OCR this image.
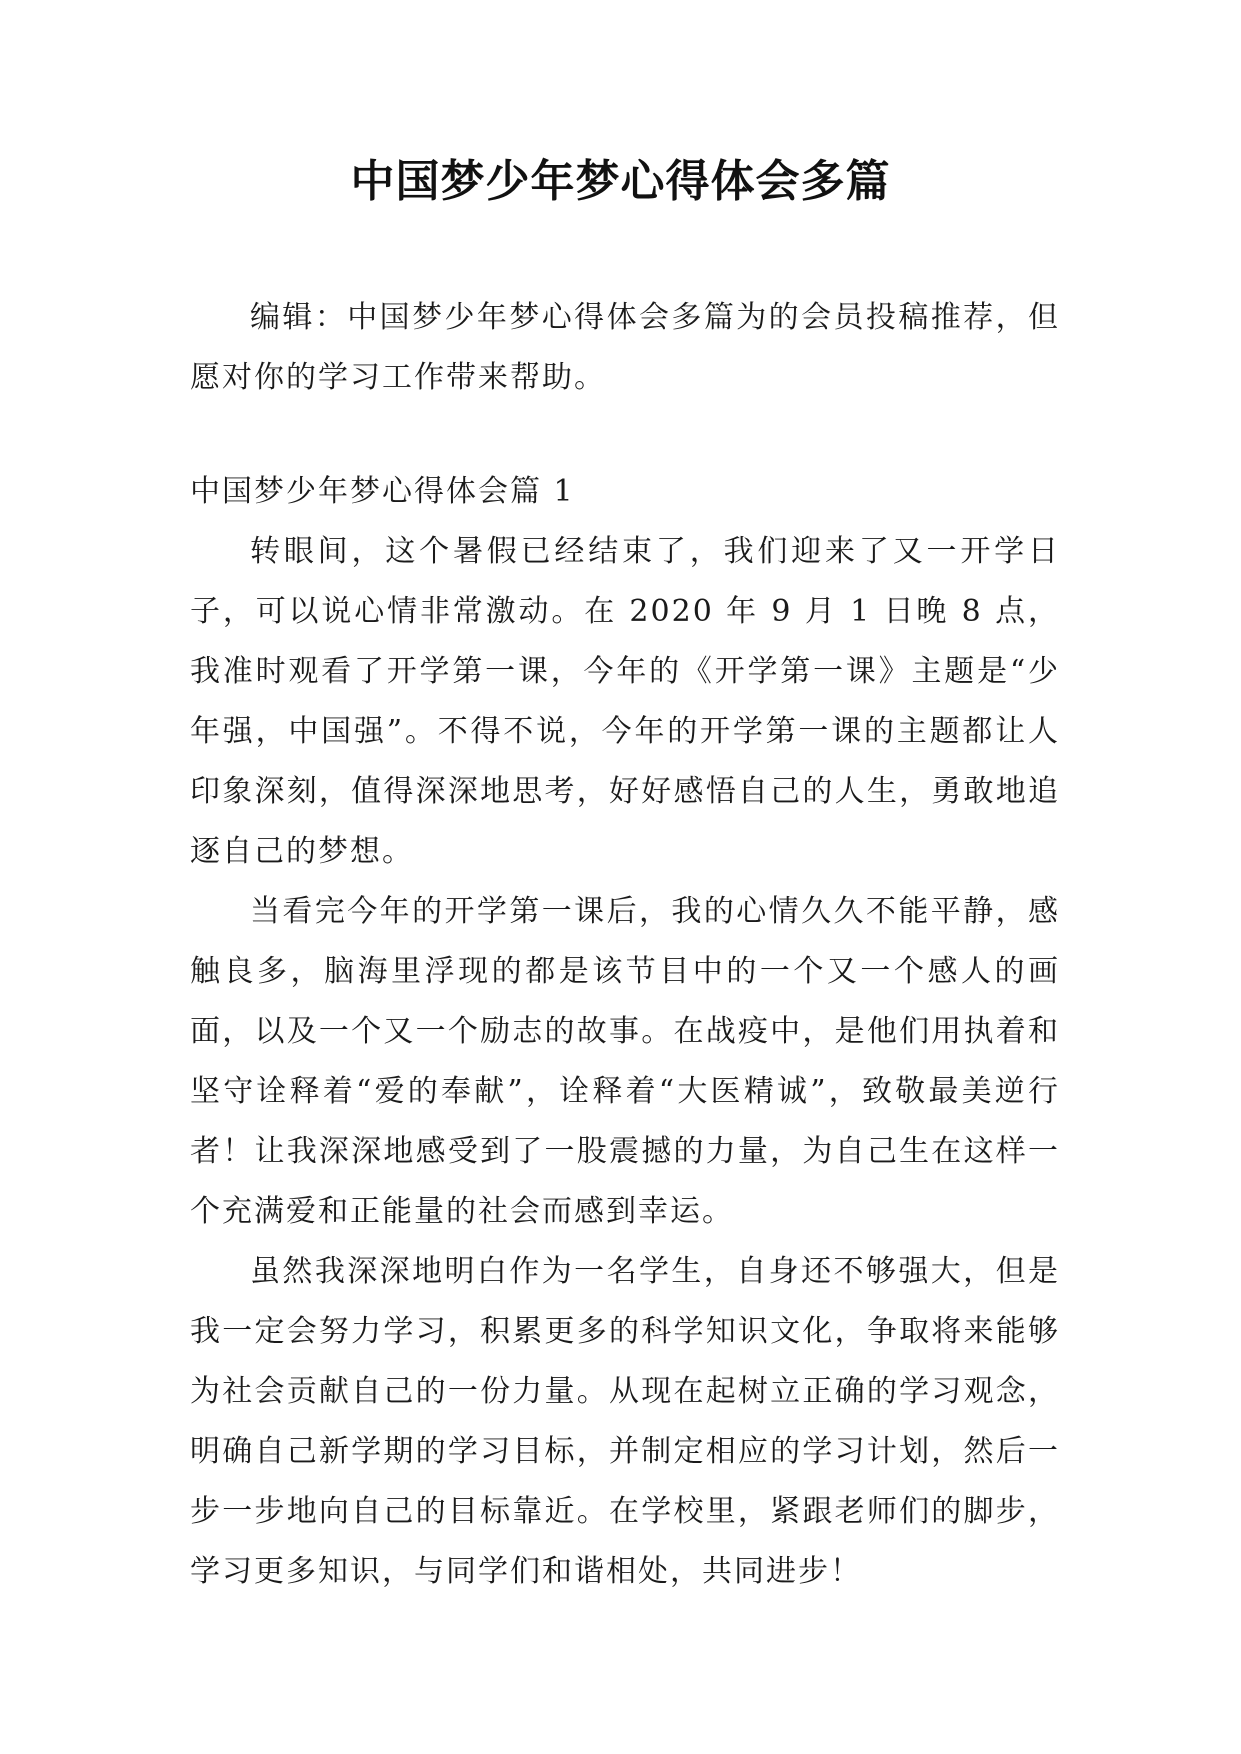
中国梦少年梦心得体会多篇

编辑：中国梦少年梦心得体会多篇为的会员投稿推荐，但愿对你的学习工作带来帮助。

中国梦少年梦心得体会篇 1

转眼间，这个暑假已经结束了，我们迎来了又一开学日子，可以说心情非常激动。在 2020 年 9 月 1 日晚 8 点，我准时观看了开学第一课，今年的《开学第一课》主题是“少年强，中国强”。不得不说，今年的开学第一课的主题都让人印象深刻，值得深深地思考，好好感悟自己的人生，勇敢地追逐自己的梦想。

当看完今年的开学第一课后，我的心情久久不能平静，感触良多，脑海里浮现的都是该节目中的一个又一个感人的画面，以及一个又一个励志的故事。在战疫中，是他们用执着和坚守诠释着“爱的奉献”，诠释着“大医精诚”，致敬最美逆行者！让我深深地感受到了一股震撼的力量，为自己生在这样一个充满爱和正能量的社会而感到幸运。

虽然我深深地明白作为一名学生，自身还不够强大，但是我一定会努力学习，积累更多的科学知识文化，争取将来能够为社会贡献自己的一份力量。从现在起树立正确的学习观念，明确自己新学期的学习目标，并制定相应的学习计划，然后一步一步地向自己的目标靠近。在学校里，紧跟老师们的脚步，学习更多知识，与同学们和谐相处，共同进步！
